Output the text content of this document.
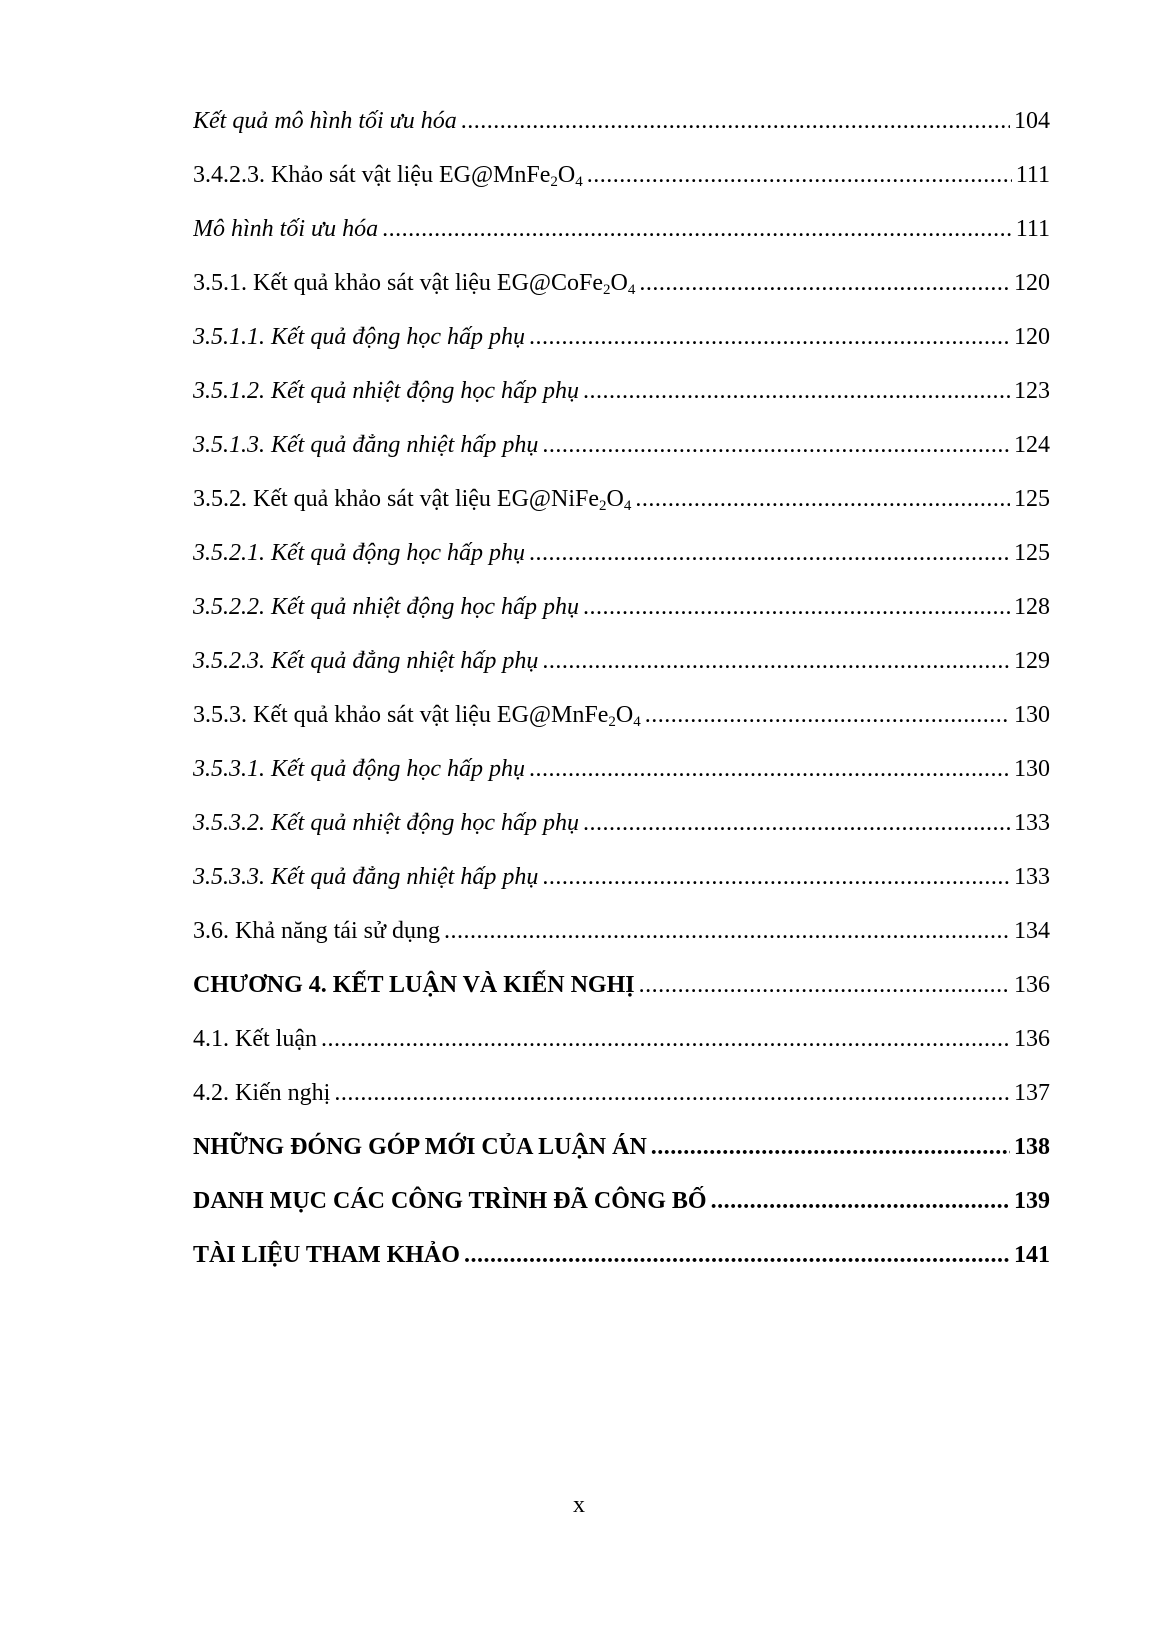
Kết quả mô hình tối ưu hóa .....	104
3.4.2.3. Khảo sát vật liệu $EG@MnFe_2O_4$ .....	111
Mô hình tối ưu hóa .....	111
3.5.1. Kết quả khảo sát vật liệu $EG@CoFe_2O_4$ .....	120
3.5.1.1. Kết quả động học hấp phụ .....	120
3.5.1.2. Kết quả nhiệt động học hấp phụ .....	123
3.5.1.3. Kết quả đẳng nhiệt hấp phụ .....	124
3.5.2. Kết quả khảo sát vật liệu $EG@NiFe_2O_4$ .....	125
3.5.2.1. Kết quả động học hấp phụ .....	125
3.5.2.2. Kết quả nhiệt động học hấp phụ .....	128
3.5.2.3. Kết quả đẳng nhiệt hấp phụ .....	129
3.5.3. Kết quả khảo sát vật liệu $EG@MnFe_2O_4$ .....	130
3.5.3.1. Kết quả động học hấp phụ .....	130
3.5.3.2. Kết quả nhiệt động học hấp phụ .....	133
3.5.3.3. Kết quả đẳng nhiệt hấp phụ .....	133
3.6. Khả năng tái sử dụng .....	134
CHƯƠNG 4. KẾT LUẬN VÀ KIẾN NGHỊ .....	136
4.1. Kết luận .....	136
4.2. Kiến nghị .....	137
NHỮNG ĐÓNG GÓP MỚI CỦA LUẬN ÁN .....	138
DANH MỤC CÁC CÔNG TRÌNH ĐÃ CÔNG BỐ .....	139
TÀI LIỆU THAM KHẢO .....	141
x
